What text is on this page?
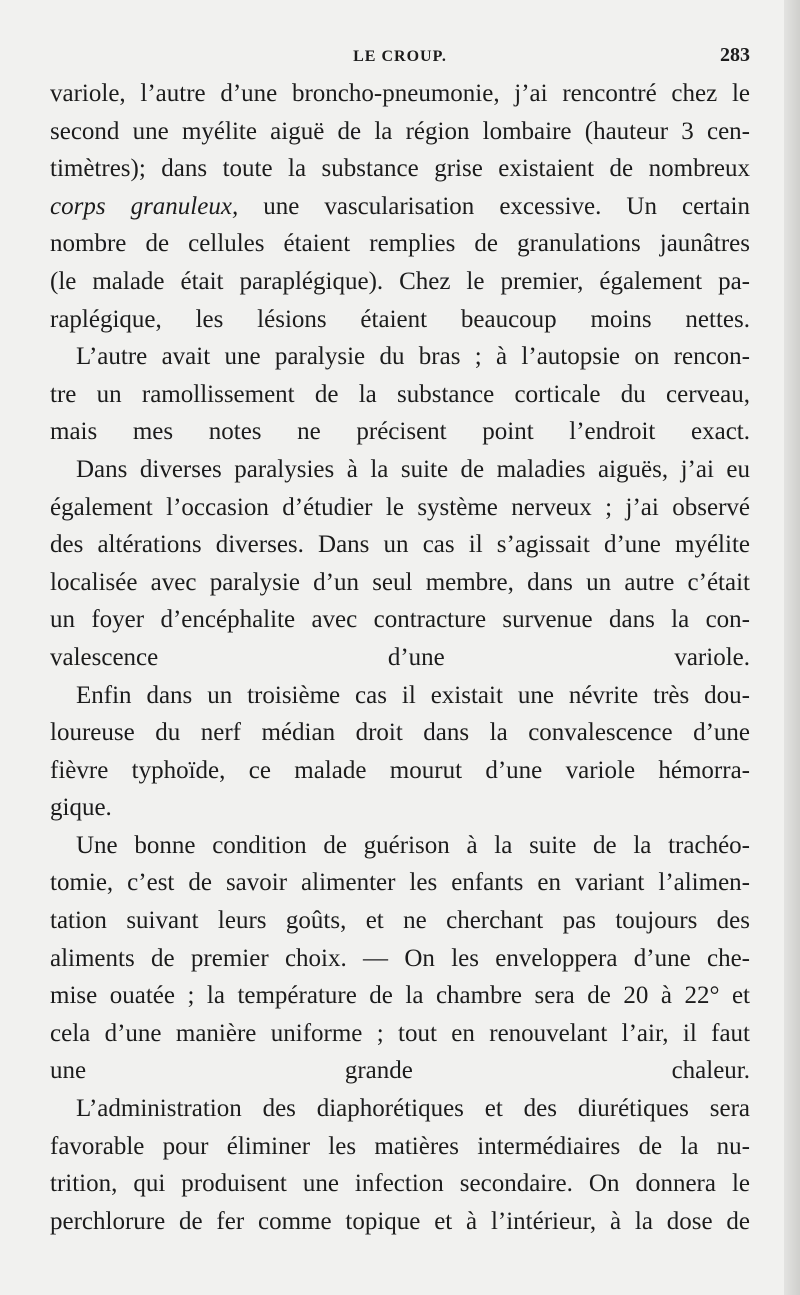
LE CROUP.	283
variole, l’autre d’une broncho-pneumonie, j’ai rencontré chez le
second une myélite aiguë de la région lombaire (hauteur 3 cen-
timètres); dans toute la substance grise existaient de nombreux
corps granuleux, une vascularisation excessive. Un certain
nombre de cellules étaient remplies de granulations jaunâtres
(le malade était paraplégique). Chez le premier, également pa-
raplégique, les lésions étaient beaucoup moins nettes.
L’autre avait une paralysie du bras ; à l’autopsie on rencon-
tre un ramollissement de la substance corticale du cerveau,
mais mes notes ne précisent point l’endroit exact.
Dans diverses paralysies à la suite de maladies aiguës, j’ai eu
également l’occasion d’étudier le système nerveux ; j’ai observé
des altérations diverses. Dans un cas il s’agissait d’une myélite
localisée avec paralysie d’un seul membre, dans un autre c’était
un foyer d’encéphalite avec contracture survenue dans la con-
valescence d’une variole.
Enfin dans un troisième cas il existait une névrite très dou-
loureuse du nerf médian droit dans la convalescence d’une
fièvre typhoïde, ce malade mourut d’une variole hémorra-
gique.
Une bonne condition de guérison à la suite de la trachéo-
tomie, c’est de savoir alimenter les enfants en variant l’alimen-
tation suivant leurs goûts, et ne cherchant pas toujours des
aliments de premier choix. — On les enveloppera d’une che-
mise ouatée ; la température de la chambre sera de 20 à 22° et
cela d’une manière uniforme ; tout en renouvelant l’air, il faut
une grande chaleur.
L’administration des diaphorétiques et des diurétiques sera
favorable pour éliminer les matières intermédiaires de la nu-
trition, qui produisent une infection secondaire. On donnera le
perchlorure de fer comme topique et à l’intérieur, à la dose de
